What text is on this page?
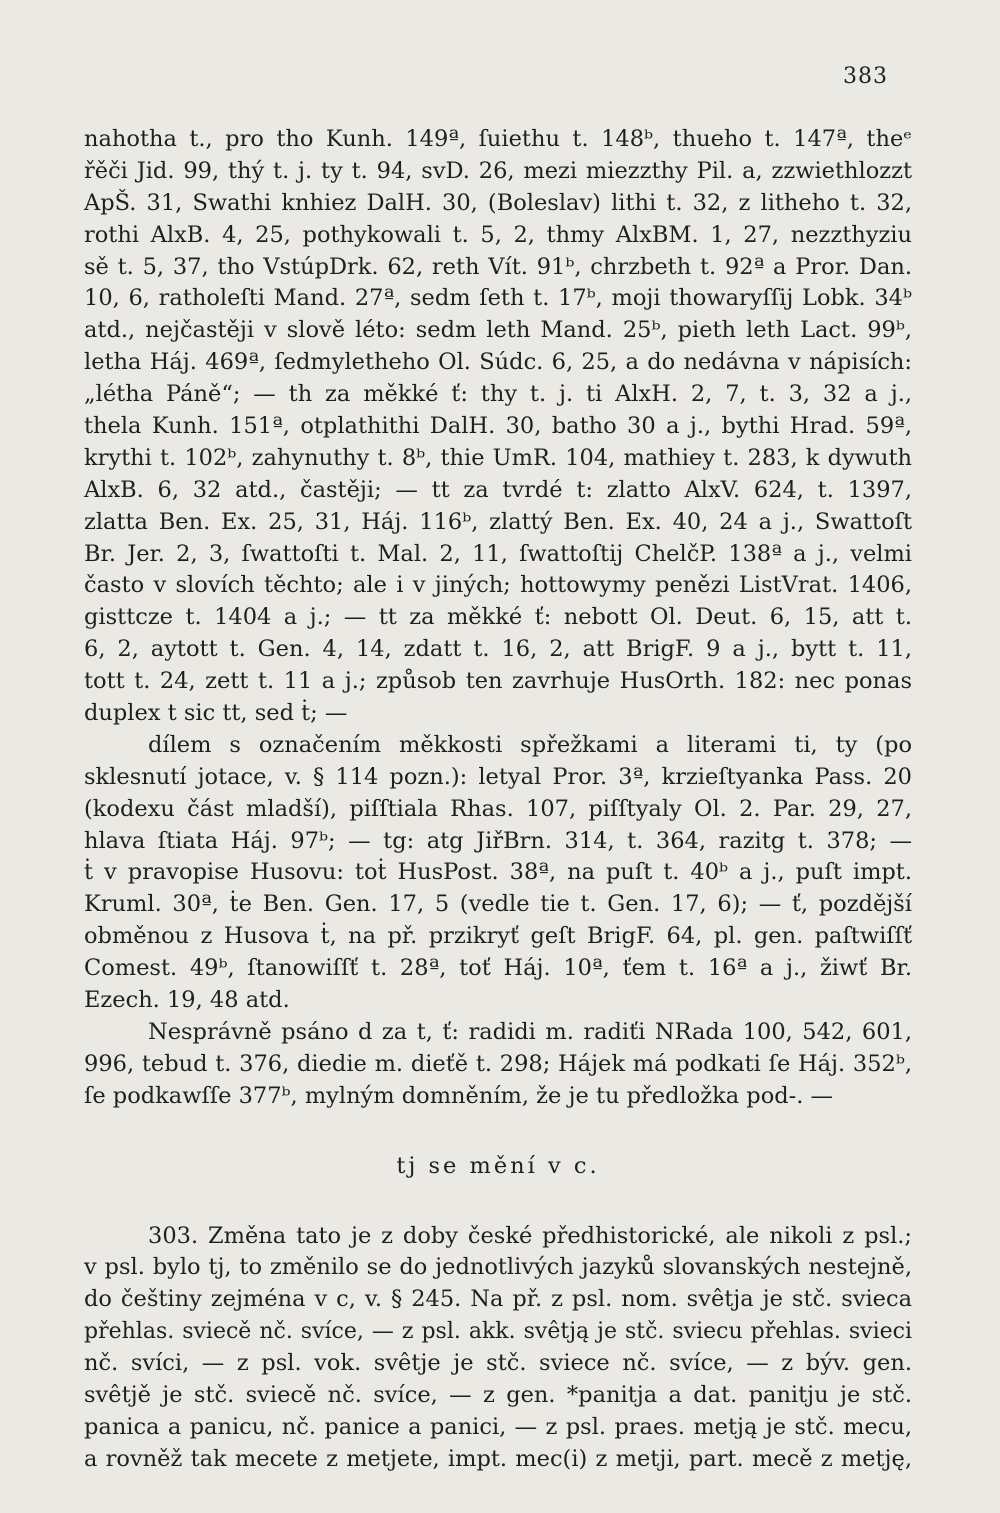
383
nahotha t., pro tho Kunh. 149ª, ſuiethu t. 148ᵇ, thueho t. 147ª, theᵉ
řěči Jid. 99, thý t. j. ty t. 94, svD. 26, mezi miezzthy Pil. a, zzwiethlozzt
ApŠ. 31, Swathi knhiez DalH. 30, (Boleslav) lithi t. 32, z litheho t. 32,
rothi AlxB. 4, 25, pothykowali t. 5, 2, thmy AlxBM. 1, 27, nezzthyziu
sě t. 5, 37, tho VstúpDrk. 62, reth Vít. 91ᵇ, chrzbeth t. 92ª a Pror. Dan.
10, 6, ratholeſti Mand. 27ª, sedm ſeth t. 17ᵇ, moji thowaryſſij Lobk. 34ᵇ
atd., nejčastěji v slově léto: sedm leth Mand. 25ᵇ, pieth leth Lact. 99ᵇ,
letha Háj. 469ª, ſedmyletheho Ol. Súdc. 6, 25, a do nedávna v nápisích:
„létha Páně“; — th za měkké ť: thy t. j. ti AlxH. 2, 7, t. 3, 32 a j.,
thela Kunh. 151ª, otplathithi DalH. 30, batho 30 a j., bythi Hrad. 59ª,
krythi t. 102ᵇ, zahynuthy t. 8ᵇ, thie UmR. 104, mathiey t. 283, k dywuth
AlxB. 6, 32 atd., častěji; — tt za tvrdé t: zlatto AlxV. 624, t. 1397,
zlatta Ben. Ex. 25, 31, Háj. 116ᵇ, zlattý Ben. Ex. 40, 24 a j., Swattoſt
Br. Jer. 2, 3, ſwattoſti t. Mal. 2, 11, ſwattoſtij ChelčP. 138ª a j., velmi
často v slovích těchto; ale i v jiných; hottowymy penězi ListVrat. 1406,
gisttcze t. 1404 a j.; — tt za měkké ť: nebott Ol. Deut. 6, 15, att t.
6, 2, aytott t. Gen. 4, 14, zdatt t. 16, 2, att BrigF. 9 a j., bytt t. 11,
tott t. 24, zett t. 11 a j.; způsob ten zavrhuje HusOrth. 182: nec ponas
duplex t sic tt, sed ṫ; —
dílem s označením měkkosti spřežkami a literami ti, ty (po
sklesnutí jotace, v. § 114 pozn.): letyal Pror. 3ª, krzieſtyanka Pass. 20
(kodexu část mladší), piſſtiala Rhas. 107, piſſtyaly Ol. 2. Par. 29, 27,
hlava ſtiata Háj. 97ᵇ; — tg: atg JiřBrn. 314, t. 364, razitg t. 378; —
ṫ v pravopise Husovu: toṫ HusPost. 38ª, na puſt t. 40ᵇ a j., puſt impt.
Kruml. 30ª, ṫe Ben. Gen. 17, 5 (vedle tie t. Gen. 17, 6); — ť, pozdější
obměnou z Husova ṫ, na př. przikryť geſt BrigF. 64, pl. gen. paſtwiſſť
Comest. 49ᵇ, ſtanowiſſť t. 28ª, toť Háj. 10ª, ťem t. 16ª a j., žiwť Br.
Ezech. 19, 48 atd.
Nesprávně psáno d za t, ť: radidi m. radiťi NRada 100, 542, 601,
996, tebud t. 376, diedie m. dieťě t. 298; Hájek má podkati ſe Háj. 352ᵇ,
ſe podkawſſe 377ᵇ, mylným domněním, že je tu předložka pod-. —
tj se mění v c.
303. Změna tato je z doby české předhistorické, ale nikoli z psl.;
v psl. bylo tj, to změnilo se do jednotlivých jazyků slovanských nestejně,
do češtiny zejména v c, v. § 245. Na př. z psl. nom. svêtja je stč. sviecа
přehlas. sviecě nč. svíce, — z psl. akk. svêtją je stč. sviecu přehlas. svieci
nč. svíci, — z psl. vok. svêtje je stč. sviece nč. svíce, — z býv. gen.
svêtjě je stč. sviecě nč. svíce, — z gen. *panitja a dat. panitju je stč.
panica a panicu, nč. panice a panici, — z psl. praes. metją je stč. mecu,
a rovněž tak mecete z metjete, impt. mec(i) z metji, part. mecě z metję,
